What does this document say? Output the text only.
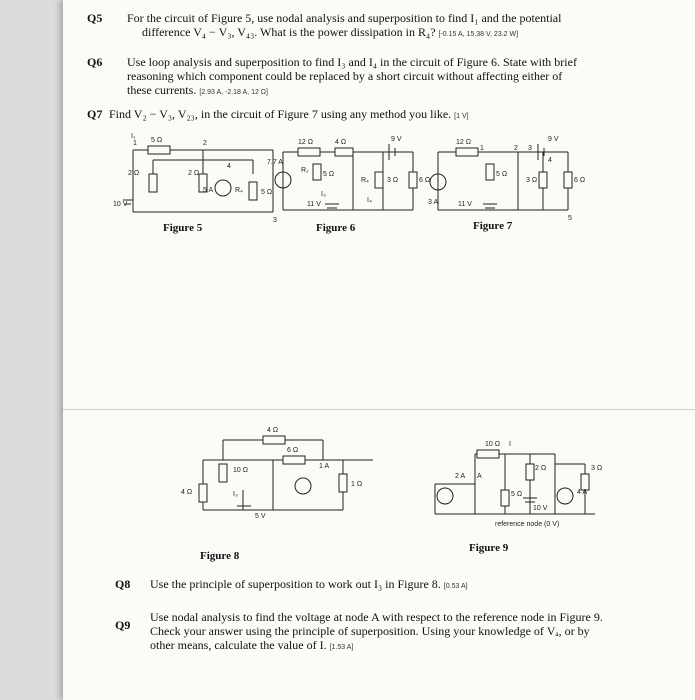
Q5 For the circuit of Figure 5, use nodal analysis and superposition to find I₁ and the potential
difference V₄ − V₃, V₄₃. What is the power dissipation in R₄? [-0.15 A, 15.38 V, 23.2 W]
Q6 Use loop analysis and superposition to find I₃ and I₄ in the circuit of Figure 6. State with brief
reasoning which component could be replaced by a short circuit without affecting either of
these currents. [2.93 A, -2.18 A, 12 Ω]
Q7 Find V₂ − V₃, V₂₃, in the circuit of Figure 7 using any method you like. [1 V]
I₁
5 Ω
2 Ω	2 Ω
R₄	5 Ω
10 V
5 A
1	2
3
4
Figure 5
12 Ω	4 Ω	9 V
7.7 A
R₂
5 Ω
R₄	3 Ω	6 Ω
11 V
I₃
I₄
Figure 6
12 Ω	9 V
5 Ω
3 Ω	6 Ω
3 A	11 V
1	2 3
4
5
Figure 7
4 Ω
10 Ω
6 Ω
1 A
4 Ω	I₃
5 V
1 Ω
Figure 8
10 Ω I
2 Ω	3 Ω
2 A A
5 Ω
10 V
4 A
reference node (0 V)
Figure 9
Q8 Use the principle of superposition to work out I₃ in Figure 8. [0.53 A]
Q9
Use nodal analysis to find the voltage at node A with respect to the reference node in Figure 9.
Check your answer using the principle of superposition. Using your knowledge of Vₐ, or by
other means, calculate the value of I. [1.53 A]
